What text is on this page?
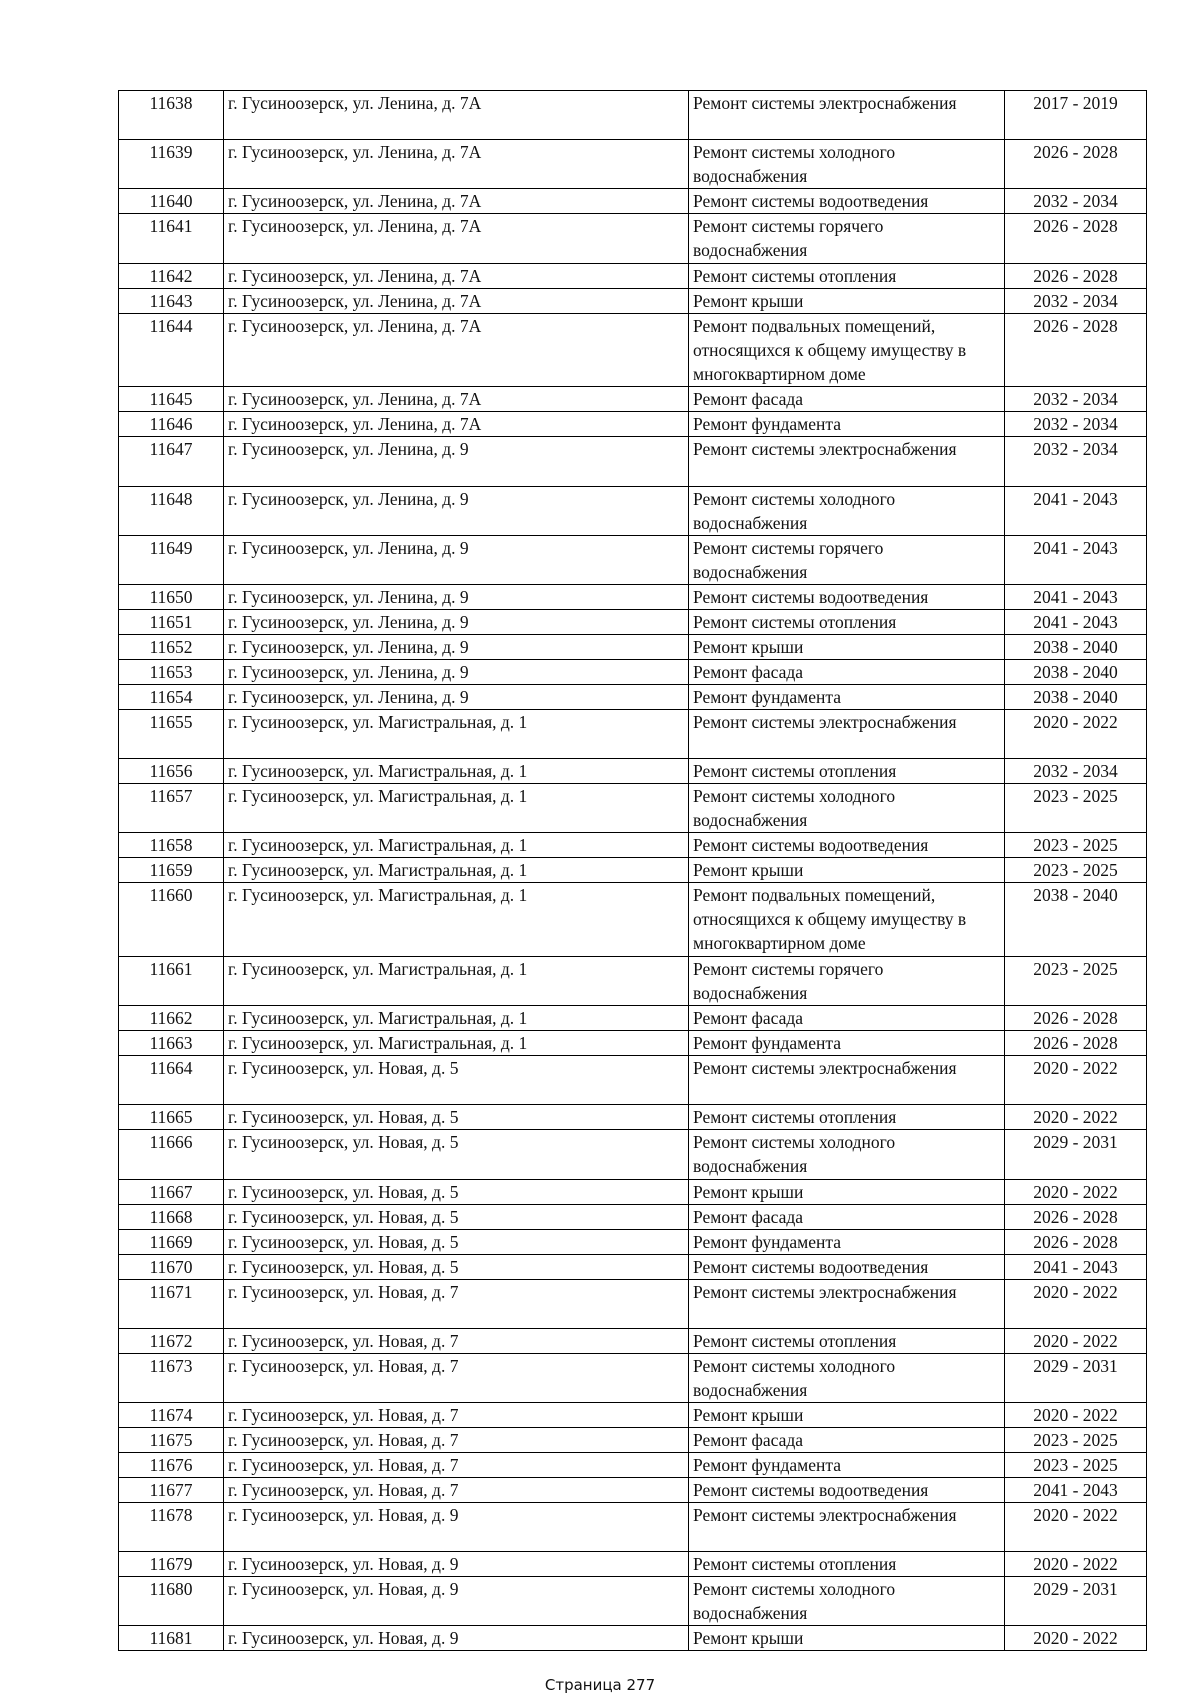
11638	г. Гусиноозерск, ул. Ленина, д. 7А	Ремонт системы электроснабжения	2017 - 2019
11639	г. Гусиноозерск, ул. Ленина, д. 7А	Ремонт системы холодного водоснабжения	2026 - 2028
11640	г. Гусиноозерск, ул. Ленина, д. 7А	Ремонт системы водоотведения	2032 - 2034
11641	г. Гусиноозерск, ул. Ленина, д. 7А	Ремонт системы горячего водоснабжения	2026 - 2028
11642	г. Гусиноозерск, ул. Ленина, д. 7А	Ремонт системы отопления	2026 - 2028
11643	г. Гусиноозерск, ул. Ленина, д. 7А	Ремонт крыши	2032 - 2034
11644	г. Гусиноозерск, ул. Ленина, д. 7А	Ремонт подвальных помещений, относящихся к общему имуществу в многоквартирном доме	2026 - 2028
11645	г. Гусиноозерск, ул. Ленина, д. 7А	Ремонт фасада	2032 - 2034
11646	г. Гусиноозерск, ул. Ленина, д. 7А	Ремонт фундамента	2032 - 2034
11647	г. Гусиноозерск, ул. Ленина, д. 9	Ремонт системы электроснабжения	2032 - 2034
11648	г. Гусиноозерск, ул. Ленина, д. 9	Ремонт системы холодного водоснабжения	2041 - 2043
11649	г. Гусиноозерск, ул. Ленина, д. 9	Ремонт системы горячего водоснабжения	2041 - 2043
11650	г. Гусиноозерск, ул. Ленина, д. 9	Ремонт системы водоотведения	2041 - 2043
11651	г. Гусиноозерск, ул. Ленина, д. 9	Ремонт системы отопления	2041 - 2043
11652	г. Гусиноозерск, ул. Ленина, д. 9	Ремонт крыши	2038 - 2040
11653	г. Гусиноозерск, ул. Ленина, д. 9	Ремонт фасада	2038 - 2040
11654	г. Гусиноозерск, ул. Ленина, д. 9	Ремонт фундамента	2038 - 2040
11655	г. Гусиноозерск, ул. Магистральная, д. 1	Ремонт системы электроснабжения	2020 - 2022
11656	г. Гусиноозерск, ул. Магистральная, д. 1	Ремонт системы отопления	2032 - 2034
11657	г. Гусиноозерск, ул. Магистральная, д. 1	Ремонт системы холодного водоснабжения	2023 - 2025
11658	г. Гусиноозерск, ул. Магистральная, д. 1	Ремонт системы водоотведения	2023 - 2025
11659	г. Гусиноозерск, ул. Магистральная, д. 1	Ремонт крыши	2023 - 2025
11660	г. Гусиноозерск, ул. Магистральная, д. 1	Ремонт подвальных помещений, относящихся к общему имуществу в многоквартирном доме	2038 - 2040
11661	г. Гусиноозерск, ул. Магистральная, д. 1	Ремонт системы горячего водоснабжения	2023 - 2025
11662	г. Гусиноозерск, ул. Магистральная, д. 1	Ремонт фасада	2026 - 2028
11663	г. Гусиноозерск, ул. Магистральная, д. 1	Ремонт фундамента	2026 - 2028
11664	г. Гусиноозерск, ул. Новая, д. 5	Ремонт системы электроснабжения	2020 - 2022
11665	г. Гусиноозерск, ул. Новая, д. 5	Ремонт системы отопления	2020 - 2022
11666	г. Гусиноозерск, ул. Новая, д. 5	Ремонт системы холодного водоснабжения	2029 - 2031
11667	г. Гусиноозерск, ул. Новая, д. 5	Ремонт крыши	2020 - 2022
11668	г. Гусиноозерск, ул. Новая, д. 5	Ремонт фасада	2026 - 2028
11669	г. Гусиноозерск, ул. Новая, д. 5	Ремонт фундамента	2026 - 2028
11670	г. Гусиноозерск, ул. Новая, д. 5	Ремонт системы водоотведения	2041 - 2043
11671	г. Гусиноозерск, ул. Новая, д. 7	Ремонт системы электроснабжения	2020 - 2022
11672	г. Гусиноозерск, ул. Новая, д. 7	Ремонт системы отопления	2020 - 2022
11673	г. Гусиноозерск, ул. Новая, д. 7	Ремонт системы холодного водоснабжения	2029 - 2031
11674	г. Гусиноозерск, ул. Новая, д. 7	Ремонт крыши	2020 - 2022
11675	г. Гусиноозерск, ул. Новая, д. 7	Ремонт фасада	2023 - 2025
11676	г. Гусиноозерск, ул. Новая, д. 7	Ремонт фундамента	2023 - 2025
11677	г. Гусиноозерск, ул. Новая, д. 7	Ремонт системы водоотведения	2041 - 2043
11678	г. Гусиноозерск, ул. Новая, д. 9	Ремонт системы электроснабжения	2020 - 2022
11679	г. Гусиноозерск, ул. Новая, д. 9	Ремонт системы отопления	2020 - 2022
11680	г. Гусиноозерск, ул. Новая, д. 9	Ремонт системы холодного водоснабжения	2029 - 2031
11681	г. Гусиноозерск, ул. Новая, д. 9	Ремонт крыши	2020 - 2022
Страница 277
